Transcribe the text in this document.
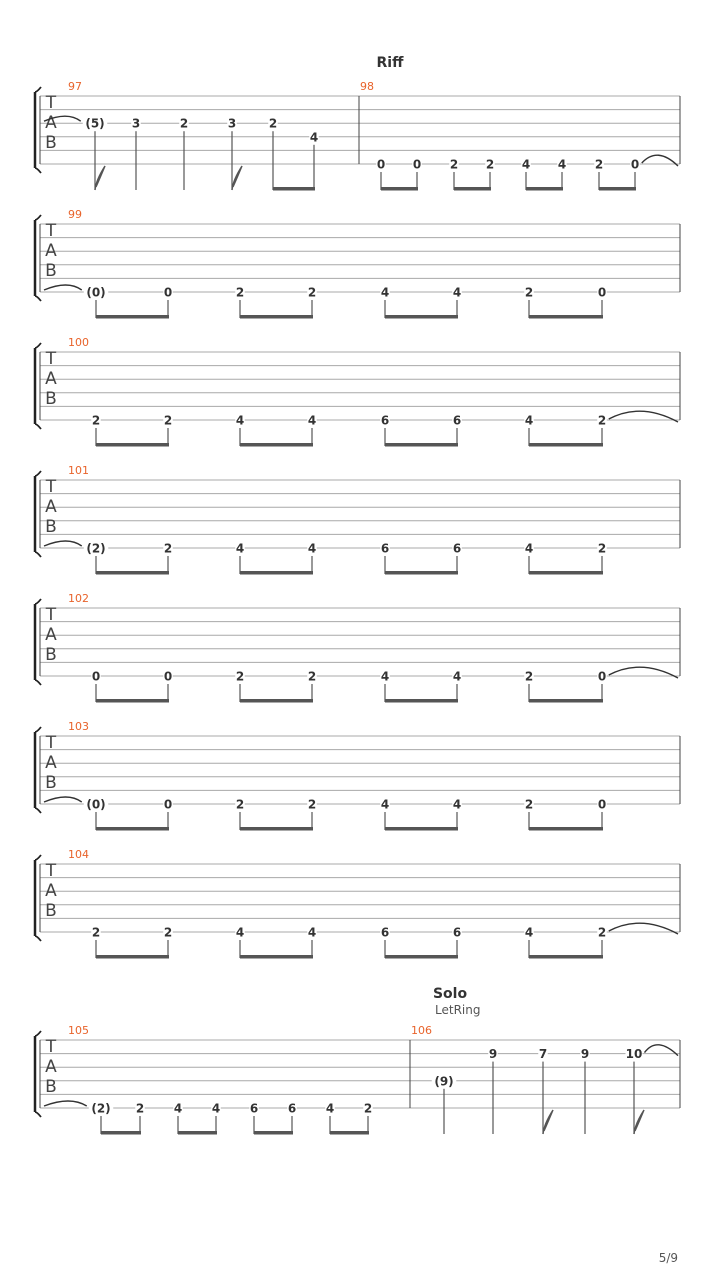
T
A
B
97
(5) 3	2	3	2
4
98
0 0 2 2 4 4 2 0
T
A
B
99
(0)	0	2	2	4	4	2	0
T
A
B
100
2	2	4	4	6	6	4	2
T
A
B
101
(2)	2	4	4	6	6	4	2
T
A
B
102
0	0	2	2	4	4	2	0
T
A
B
103
(0)	0	2	2	4	4	2	0
T
A
B
104
2	2	4	4	6	6	4	2
T
A
B
105
(2) 2 4 4 6 6 4 2
106
(9)
9	7	9	10
Riff
Solo
LetRing
5/9
